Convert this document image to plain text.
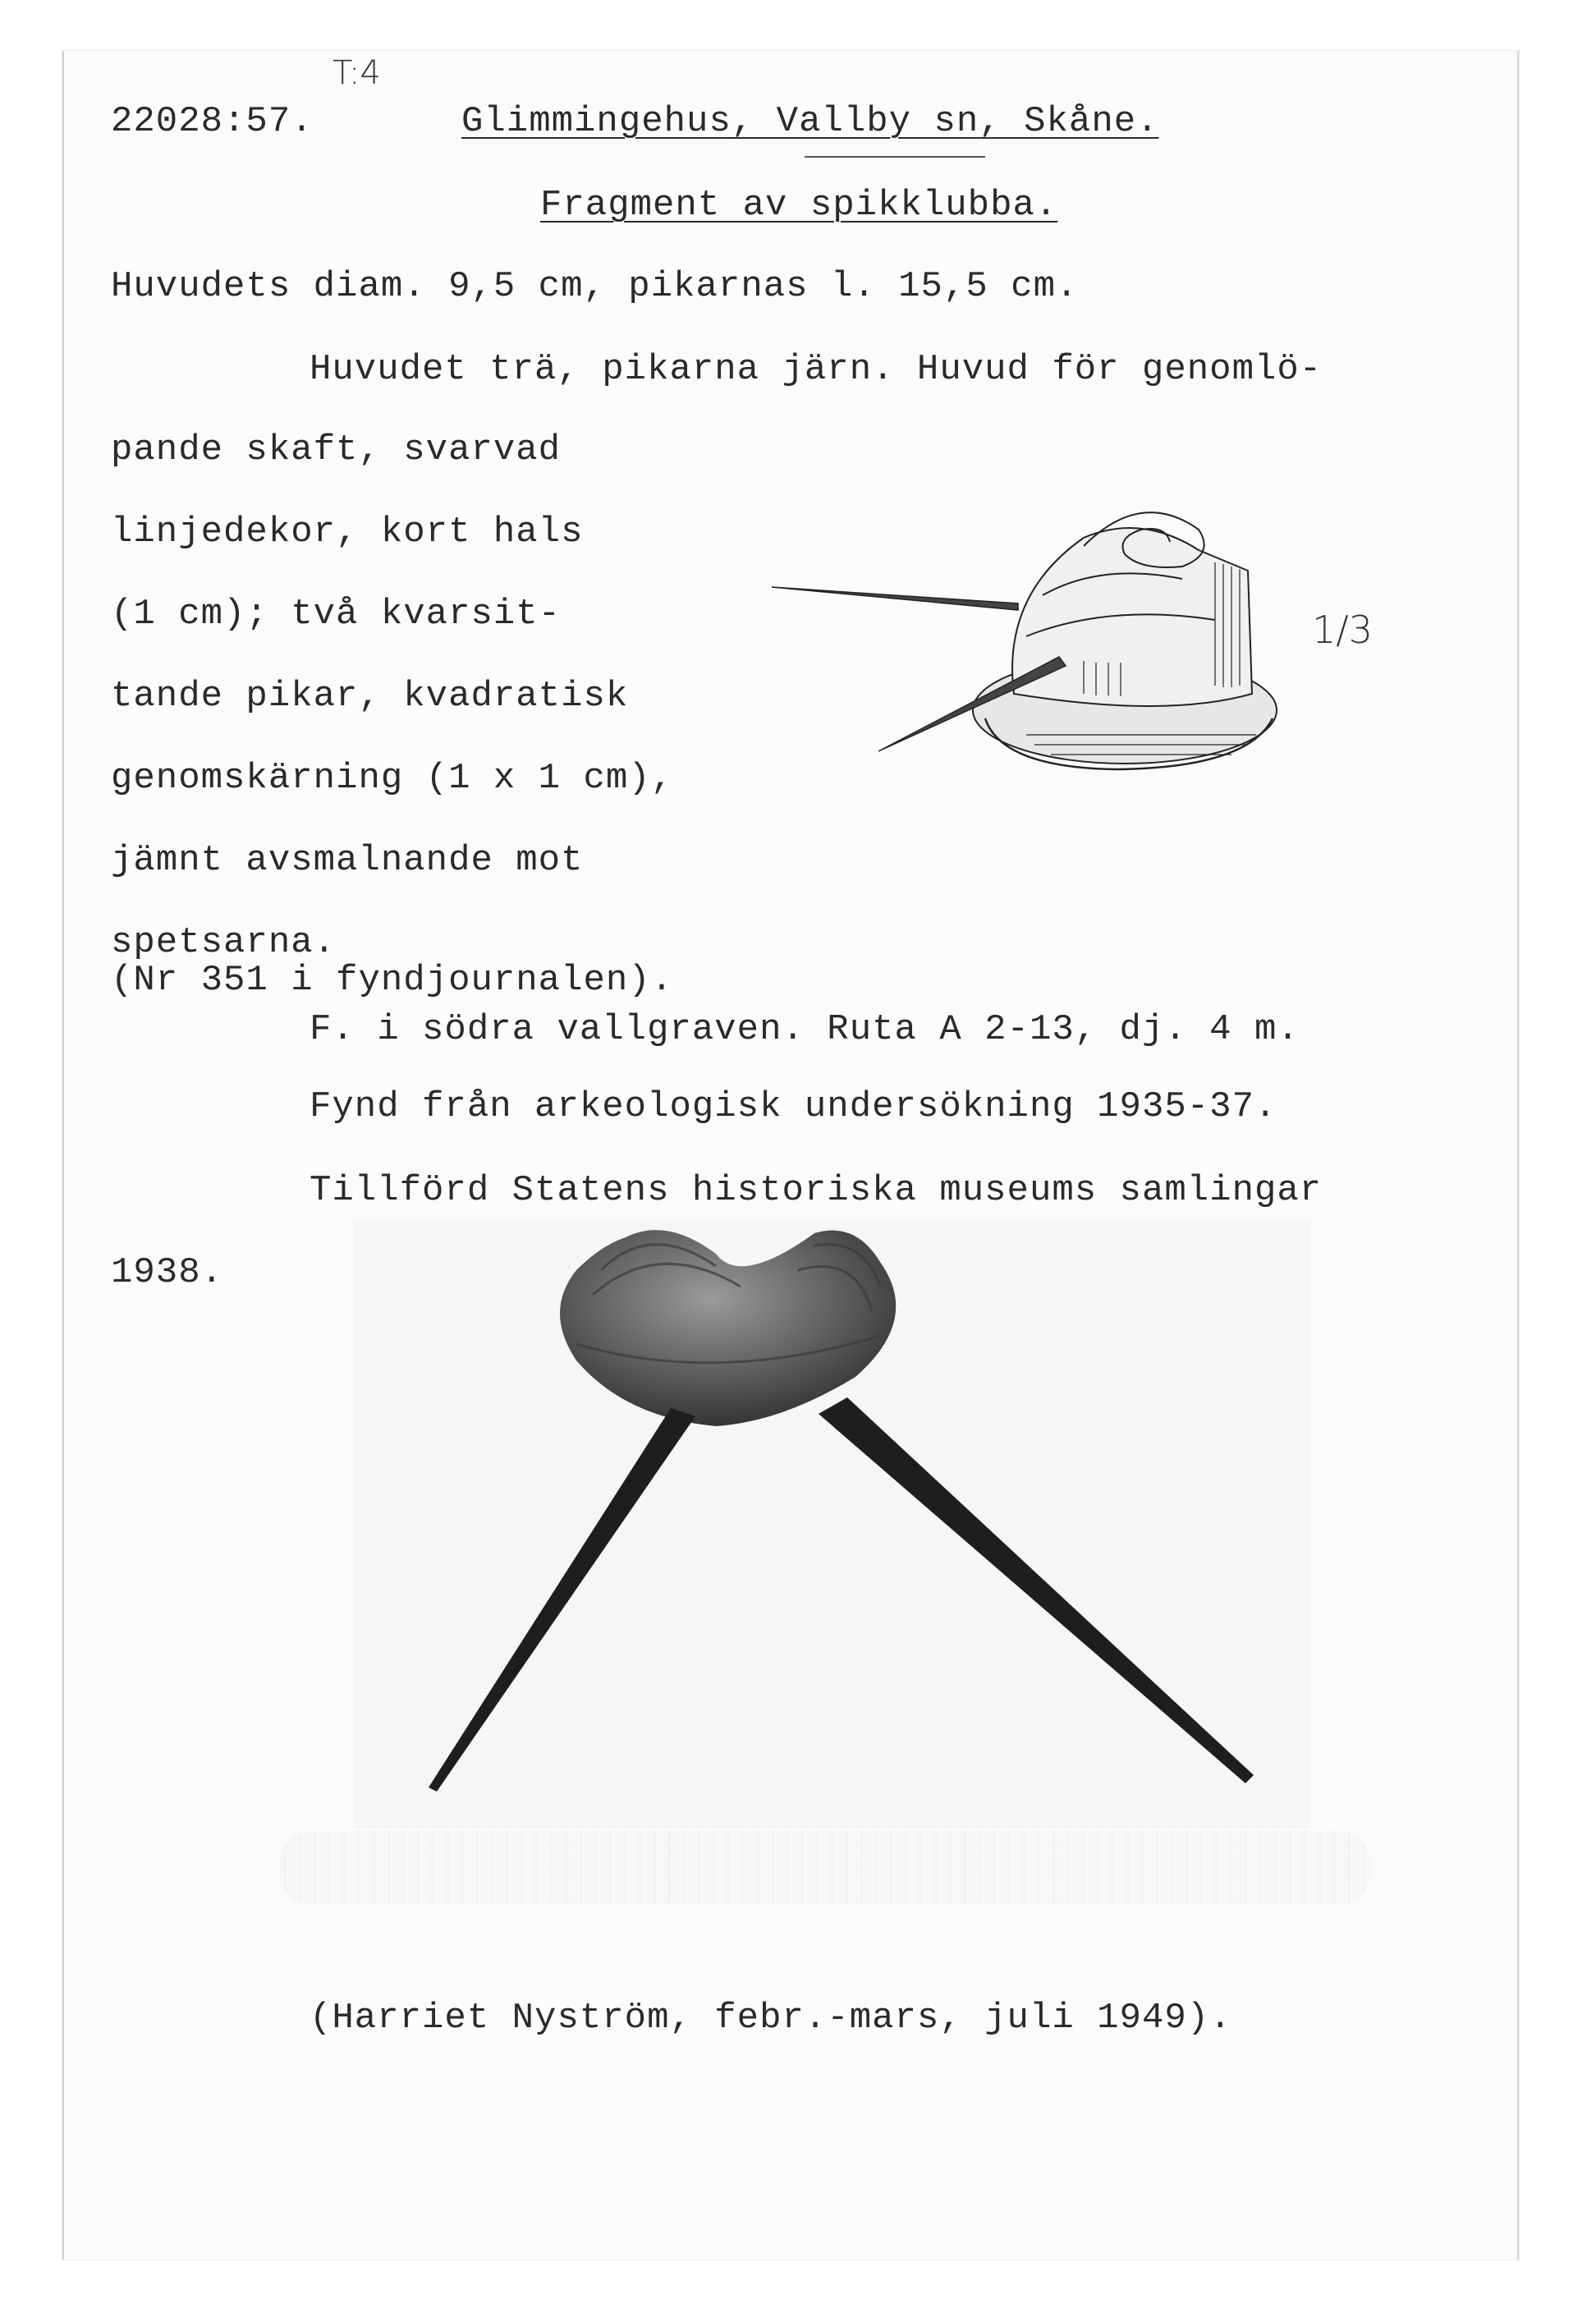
22028:57.
T:4
Glimmingehus, Vallby sn, Skåne.
Fragment av spikklubba.
Huvudets diam. 9,5 cm, pikarnas l. 15,5 cm.
Huvudet trä, pikarna järn. Huvud för genomlö-
pande skaft, svarvad
linjedekor, kort hals
(1 cm); två kvarsit-
tande pikar, kvadratisk
genomskärning (1 x 1 cm),
jämnt avsmalnande mot
spetsarna.
(Nr 351 i fyndjournalen).
F. i södra vallgraven. Ruta A 2-13, dj. 4 m.
Fynd från arkeologisk undersökning 1935-37.
Tillförd Statens historiska museums samlingar
1938.
1/3
(Harriet Nyström, febr.-mars, juli 1949).
